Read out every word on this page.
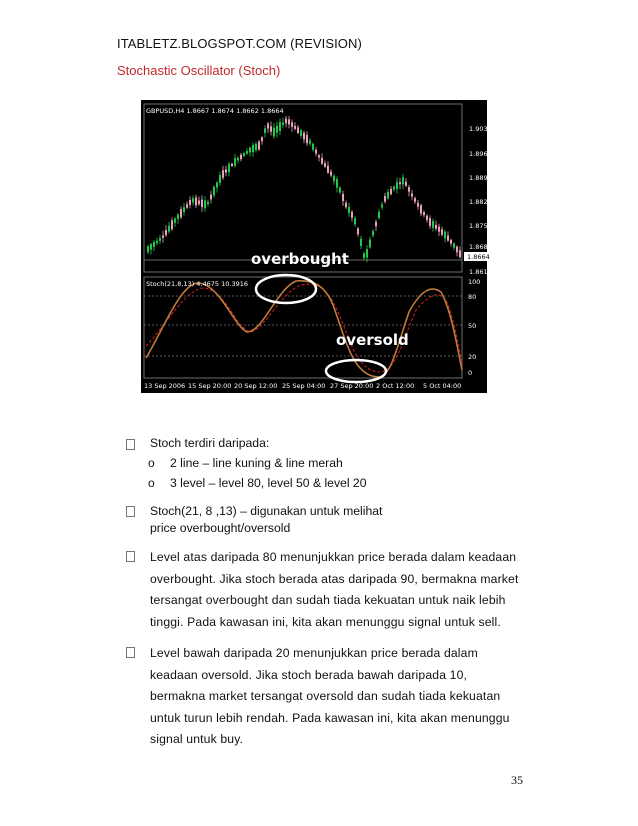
ITABLETZ.BLOGSPOT.COM (REVISION)
Stochastic Oscillator (Stoch)
overbought
oversold
GBPUSD,H4 1.8667 1.8674 1.8662 1.8664
Stoch(21,8,13) 4.4675 10.3916
1.9035
1.8965
1.8895
1.8825
1.8755
1.8685
1.8615
1.8664
100
80
50
20
0
13 Sep 2006 15 Sep 20:00 20 Sep 12:00 25 Sep 04:00 27 Sep 20:00 2 Oct 12:00 5 Oct 04:00
Stoch terdiri daripada:
o 2 line – line kuning & line merah
o 3 level – level 80, level 50 & level 20
Stoch(21, 8 ,13) – digunakan untuk melihat
price overbought/oversold
Level atas daripada 80 menunjukkan price berada dalam keadaan overbought. Jika stoch berada atas daripada 90, bermakna market tersangat overbought dan sudah tiada kekuatan untuk naik lebih tinggi. Pada kawasan ini, kita akan menunggu signal untuk sell.
Level bawah daripada 20 menunjukkan price berada dalam keadaan oversold. Jika stoch berada bawah daripada 10, bermakna market tersangat oversold dan sudah tiada kekuatan untuk turun lebih rendah. Pada kawasan ini, kita akan menunggu signal untuk buy.
35
